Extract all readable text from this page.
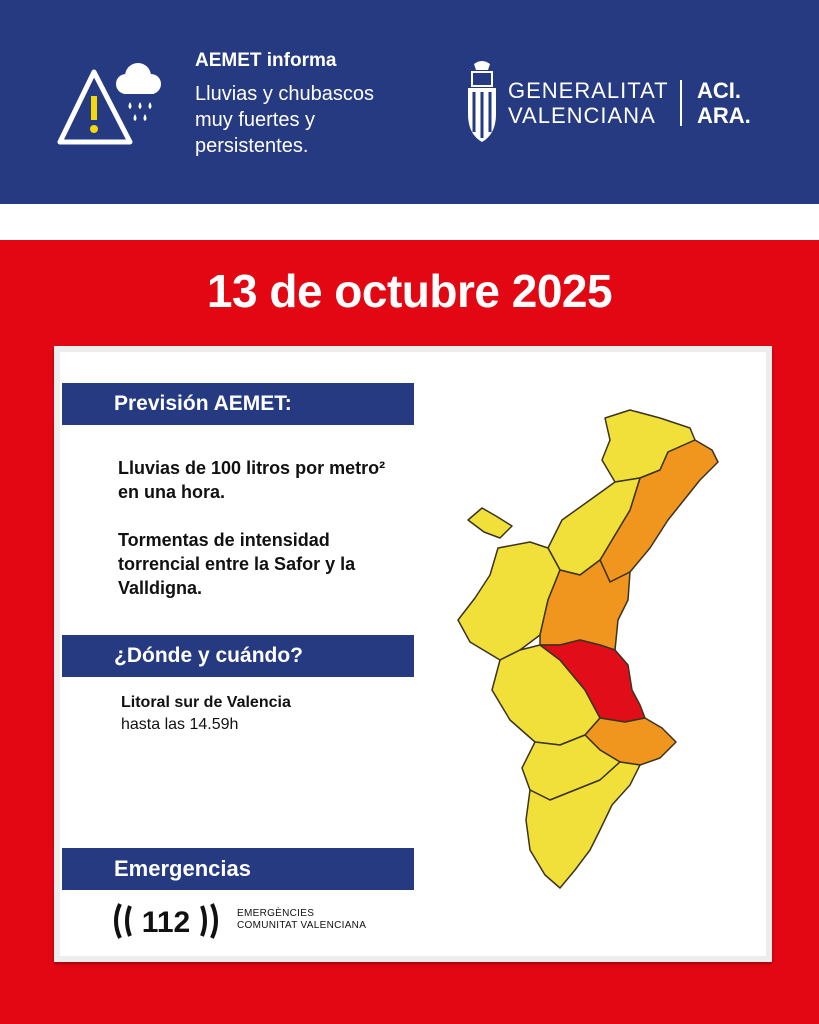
AEMET informa
Lluvias y chubascos
muy fuertes y
persistentes.
GENERALITAT
VALENCIANA
ACI.
ARA.
13 de octubre 2025
Previsión AEMET:

Lluvias de 100 litros por metro²
en una hora.

Tormentas de intensidad
torrencial entre la Safor y la
Valldigna.

¿Dónde y cuándo?
Litoral sur de Valencia
hasta las 14.59h
Emergencias
112	EMERGÈNCIES
COMUNITAT VALENCIANA
